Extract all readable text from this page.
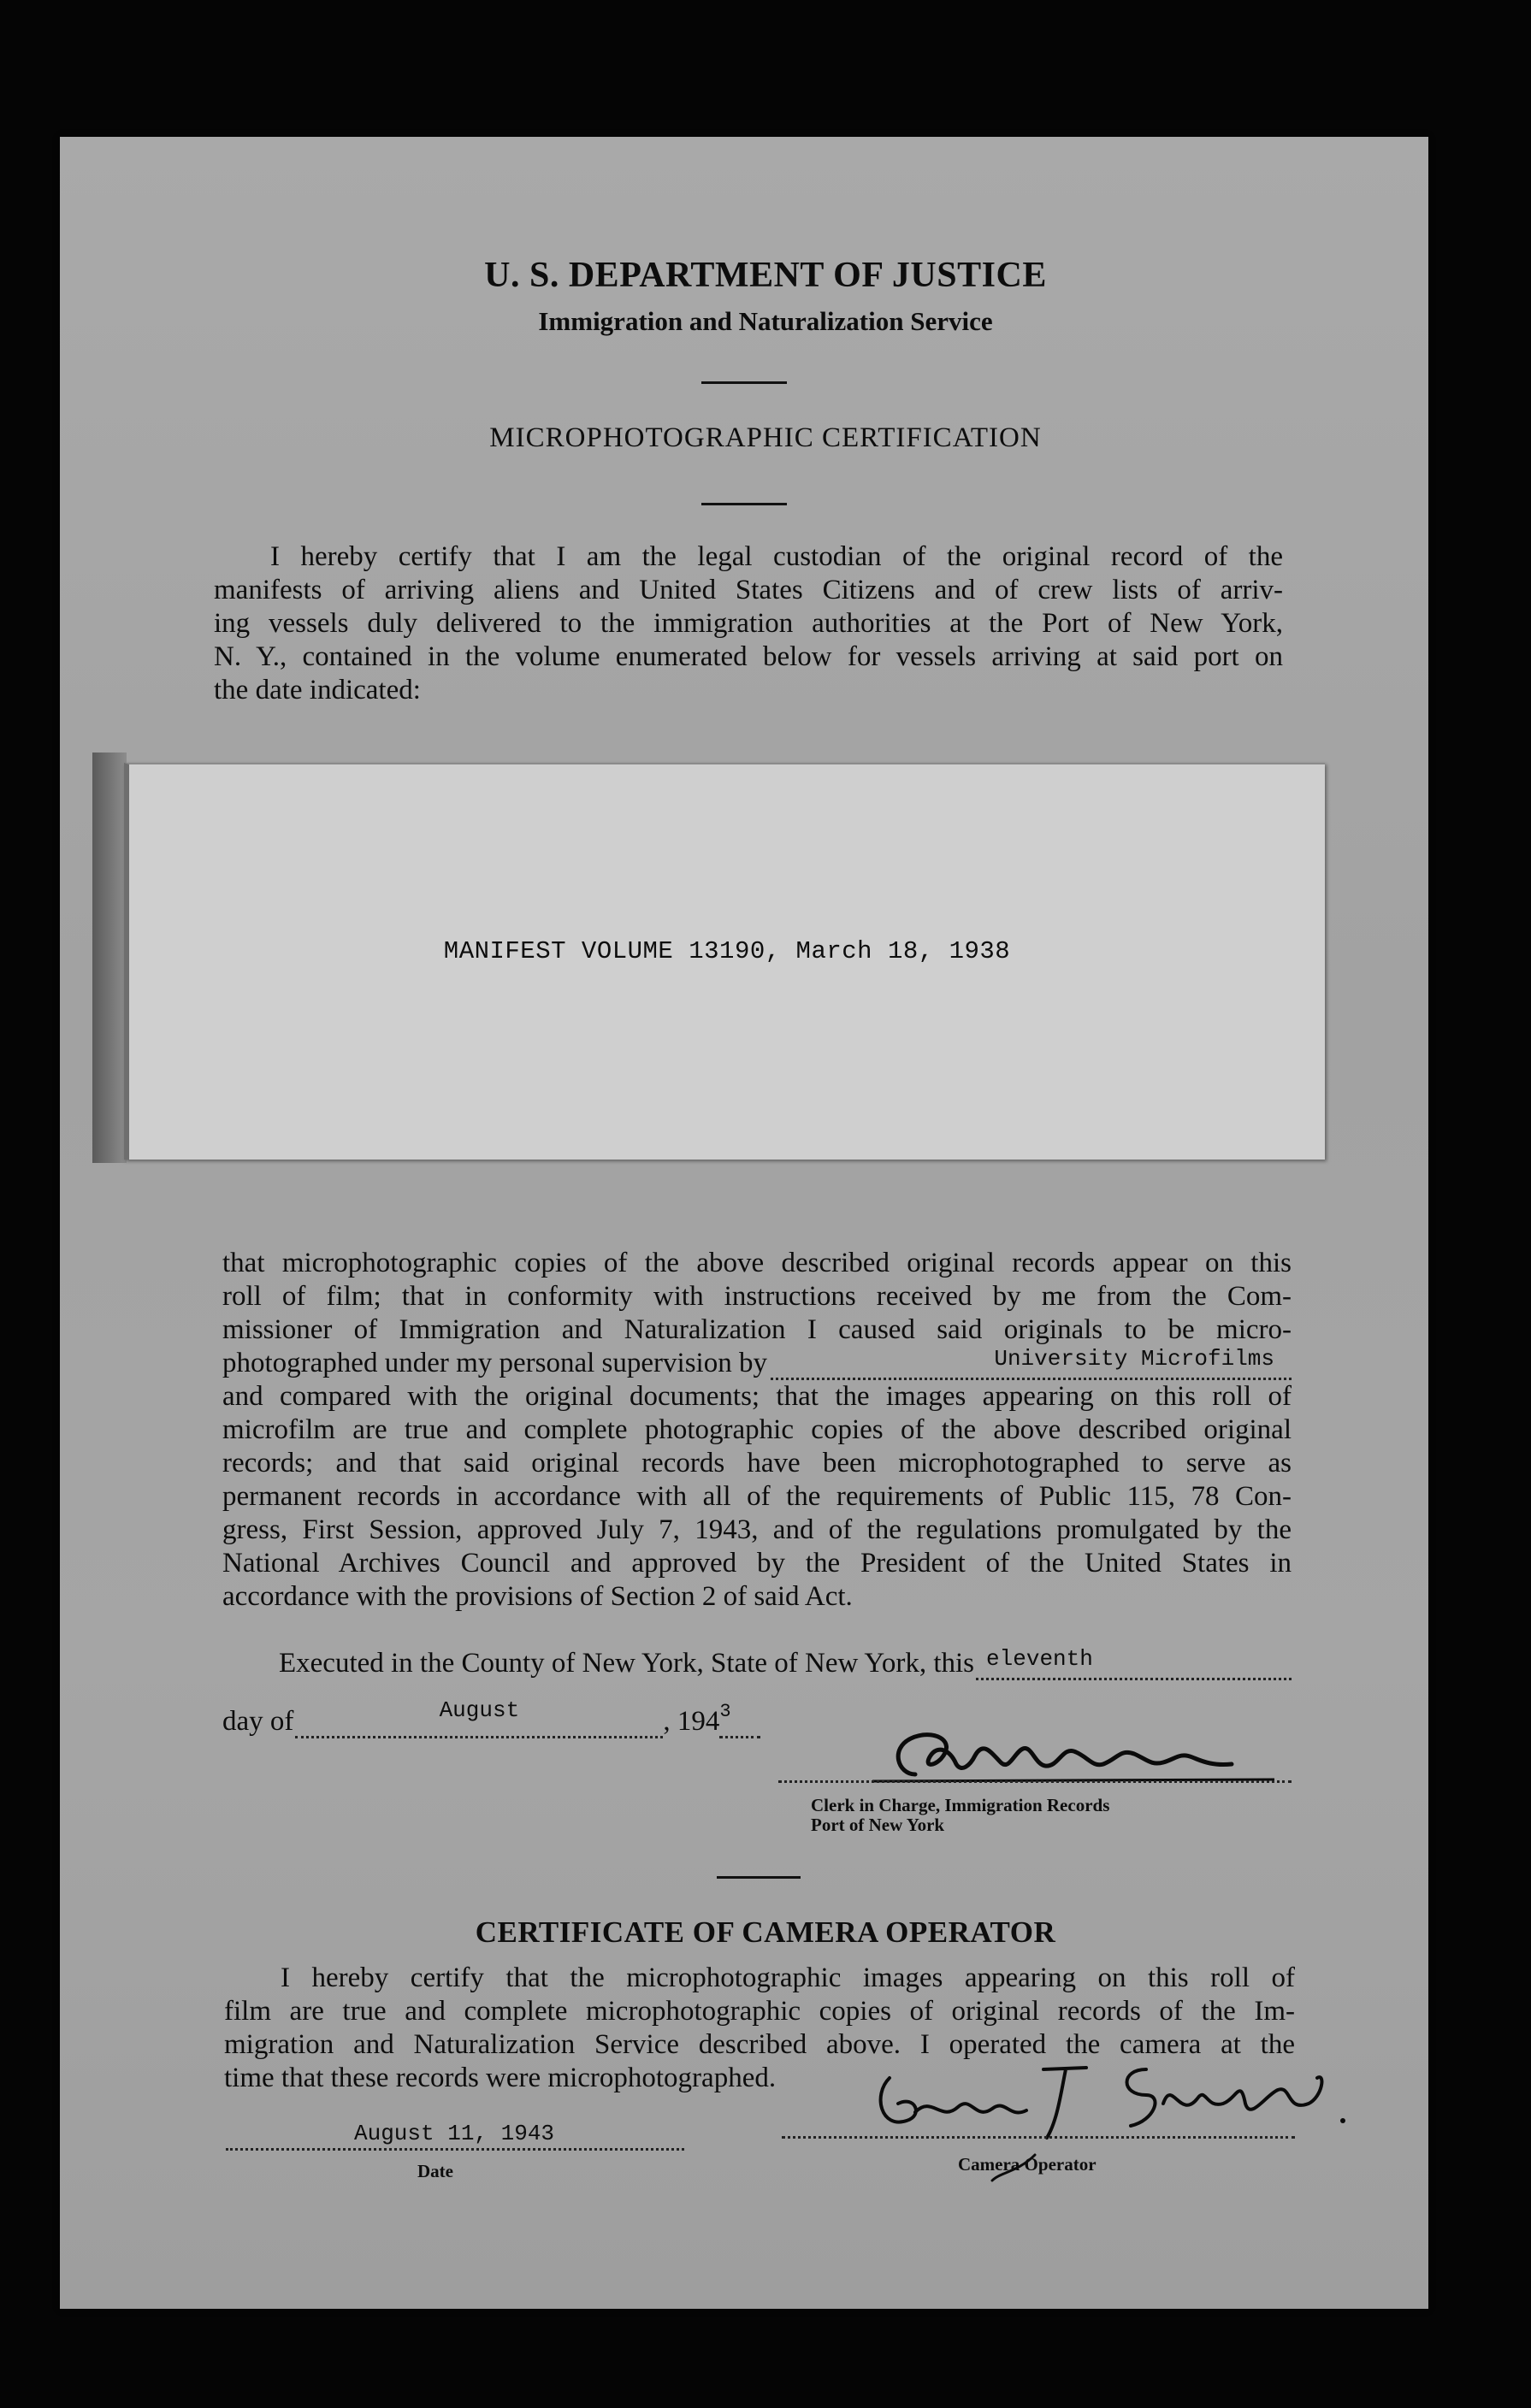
U. S. DEPARTMENT OF JUSTICE
Immigration and Naturalization Service
MICROPHOTOGRAPHIC CERTIFICATION
I hereby certify that I am the legal custodian of the original record of the
manifests of arriving aliens and United States Citizens and of crew lists of arriv-
ing vessels duly delivered to the immigration authorities at the Port of New York,
N. Y., contained in the volume enumerated below for vessels arriving at said port on
the date indicated:
MANIFEST VOLUME 13190, March 18, 1938
that microphotographic copies of the above described original records appear on this
roll of film; that in conformity with instructions received by me from the Com-
missioner of Immigration and Naturalization I caused said originals to be micro-
photographed under my personal supervision by	University Microfilms
and compared with the original documents; that the images appearing on this roll of
microfilm are true and complete photographic copies of the above described original
records; and that said original records have been microphotographed to serve as
permanent records in accordance with all of the requirements of Public 115, 78 Con-
gress, First Session, approved July 7, 1943, and of the regulations promulgated by the
National Archives Council and approved by the President of the United States in
accordance with the provisions of Section 2 of said Act.
Executed in the County of New York, State of New York, this eleventh
day of	August	, 194 3
Clerk in Charge, Immigration Records
Port of New York
CERTIFICATE OF CAMERA OPERATOR
I hereby certify that the microphotographic images appearing on this roll of
film are true and complete microphotographic copies of original records of the Im-
migration and Naturalization Service described above. I operated the camera at the
time that these records were microphotographed.
August 11, 1943
Date	Camera Operator
